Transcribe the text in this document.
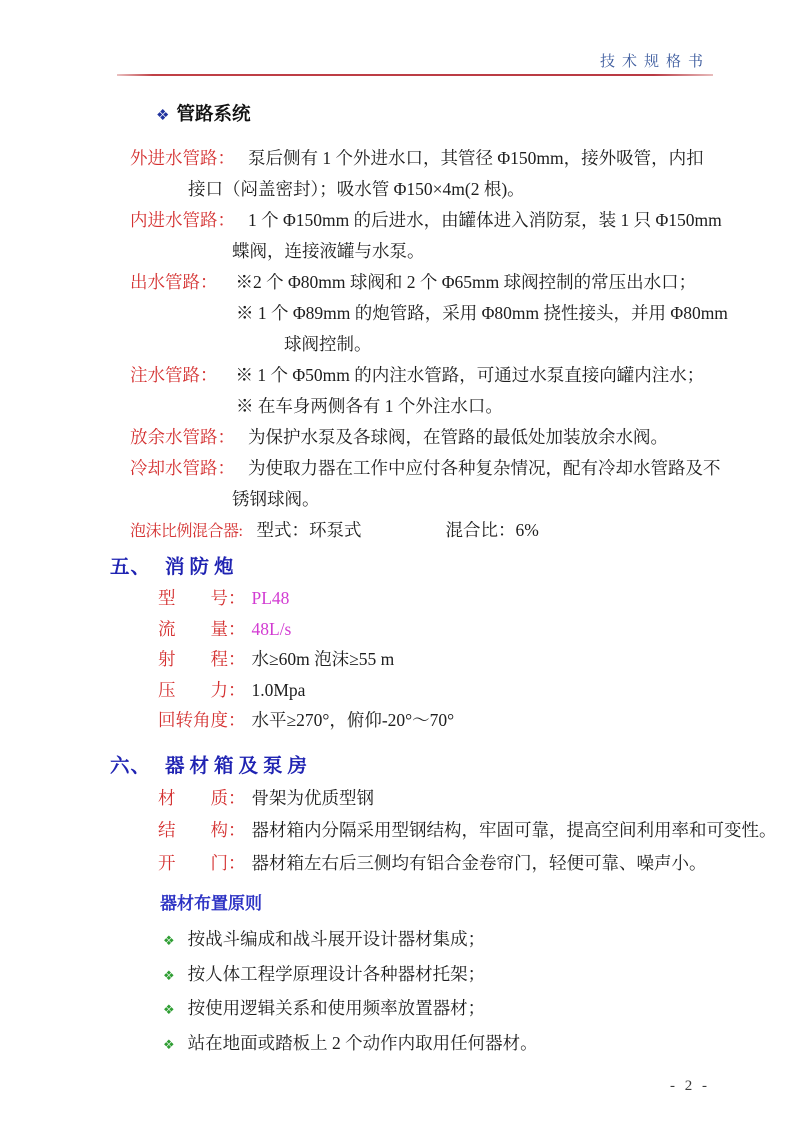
技术规格书
❖ 管路系统
外进水管路： 泵后侧有 1 个外进水口，其管径 Φ150mm，接外吸管，内扣
接口（闷盖密封）；吸水管 Φ150×4m(2 根)。
内进水管路： 1 个 Φ150mm 的后进水，由罐体进入消防泵，装 1 只 Φ150mm
蝶阀，连接液罐与水泵。
出水管路： ※2 个 Φ80mm 球阀和 2 个 Φ65mm 球阀控制的常压出水口；
※ 1 个 Φ89mm 的炮管路，采用 Φ80mm 挠性接头，并用 Φ80mm
球阀控制。
注水管路： ※ 1 个 Φ50mm 的内注水管路，可通过水泵直接向罐内注水；
※ 在车身两侧各有 1 个外注水口。
放余水管路： 为保护水泵及各球阀，在管路的最低处加装放余水阀。
冷却水管路： 为使取力器在工作中应付各种复杂情况，配有冷却水管路及不
锈钢球阀。
泡沫比例混合器: 型式：环泵式	混合比：6%
五、 消防炮
型号： PL48
流量： 48L/s
射程： 水≥60m 泡沫≥55 m
压力： 1.0Mpa
回转角度： 水平≥270°，俯仰-20°～70°
六、 器材箱及泵房
材质： 骨架为优质型钢
结构： 器材箱内分隔采用型钢结构，牢固可靠，提高空间利用率和可变性。
开门： 器材箱左右后三侧均有铝合金卷帘门，轻便可靠、噪声小。
器材布置原则
❖ 按战斗编成和战斗展开设计器材集成；
❖ 按人体工程学原理设计各种器材托架；
❖ 按使用逻辑关系和使用频率放置器材；
❖ 站在地面或踏板上 2 个动作内取用任何器材。
- 2 -
